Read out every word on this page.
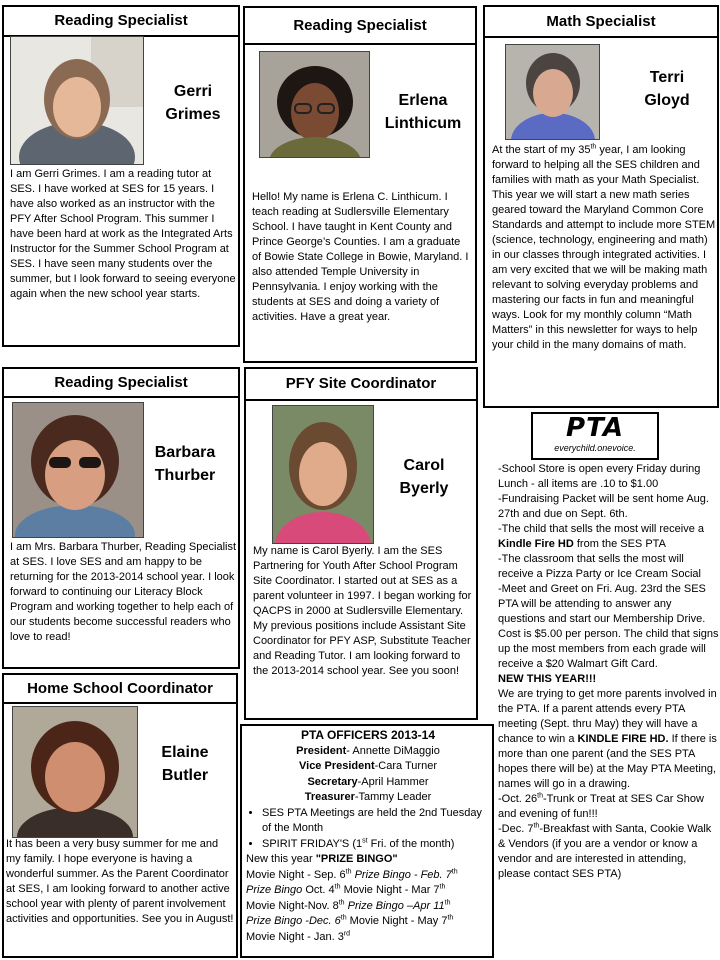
Reading Specialist
Gerri
Grimes
I am Gerri Grimes. I am a reading tutor at SES. I have worked at SES for 15 years. I have also worked as an instructor with the PFY After School Program. This summer I have been hard at work as the Integrated Arts Instructor for the Summer School Program at SES. I have seen many students over the summer, but I look forward to seeing everyone again when the new school year starts.
Reading Specialist
Erlena
Linthicum
Hello! My name is Erlena C. Linthicum. I teach reading at Sudlersville Elementary School. I have taught in Kent County and Prince George’s Counties. I am a graduate of Bowie State College in Bowie, Maryland. I also attended Temple University in Pennsylvania. I enjoy working with the students at SES and doing a variety of activities. Have a great year.
Math Specialist
Terri
Gloyd
At the start of my 35th year, I am looking forward to helping all the SES children and families with math as your Math Specialist. This year we will start a new math series geared toward the Maryland Common Core Standards and attempt to include more STEM (science, technology, engineering and math) in our classes through integrated activities. I am very excited that we will be making math relevant to solving everyday problems and mastering our facts in fun and meaningful ways. Look for my monthly column “Math Matters” in this newsletter for ways to help your child in the many domains of math.
Reading Specialist
Barbara
Thurber
I am Mrs. Barbara Thurber, Reading Specialist at SES. I love SES and am happy to be returning for the 2013-2014 school year. I look forward to continuing our Literacy Block Program and working together to help each of our students become successful readers who love to read!
PFY Site Coordinator
Carol
Byerly
My name is Carol Byerly. I am the SES Partnering for Youth After School Program Site Coordinator. I started out at SES as a parent volunteer in 1997. I began working for QACPS in 2000 at Sudlersville Elementary. My previous positions include Assistant Site Coordinator for PFY ASP, Substitute Teacher and Reading Tutor. I am looking forward to the 2013-2014 school year. See you soon!
Home School Coordinator
Elaine
Butler
It has been a very busy summer for me and my family. I hope everyone is having a wonderful summer. As the Parent Coordinator at SES, I am looking forward to another active school year with plenty of parent involvement activities and opportunities. See you in August!
PTA OFFICERS 2013-14
President- Annette DiMaggio
Vice President-Cara Turner
Secretary-April Hammer
Treasurer-Tammy Leader
• SES PTA Meetings are held the 2nd Tuesday of the Month
• SPIRIT FRIDAY'S (1st Fri. of the month)
New this year "PRIZE BINGO"
Movie Night - Sep. 6th Prize Bingo - Feb. 7th
Prize Bingo Oct. 4th Movie Night - Mar 7th
Movie Night-Nov. 8th Prize Bingo –Apr 11th
Prize Bingo -Dec. 6th Movie Night - May 7th
Movie Night - Jan. 3rd
PTA
everychild.onevoice.

-School Store is open every Friday during Lunch - all items are .10 to $1.00

-Fundraising Packet will be sent home Aug. 27th and due on Sept. 6th.

-The child that sells the most will receive a Kindle Fire HD from the SES PTA

-The classroom that sells the most will receive a Pizza Party or Ice Cream Social

-Meet and Greet on Fri. Aug. 23rd the SES PTA will be attending to answer any questions and start our Membership Drive. Cost is $5.00 per person. The child that signs up the most members from each grade will receive a $20 Walmart Gift Card.

NEW THIS YEAR!!!

We are trying to get more parents involved in the PTA. If a parent attends every PTA meeting (Sept. thru May) they will have a chance to win a KINDLE FIRE HD. If there is more than one parent (and the SES PTA hopes there will be) at the May PTA Meeting, names will go in a drawing.

-Oct. 26th-Trunk or Treat at SES Car Show and evening of fun!!!

-Dec. 7th-Breakfast with Santa, Cookie Walk & Vendors (if you are a vendor or know a vendor and are interested in attending, please contact SES PTA)
